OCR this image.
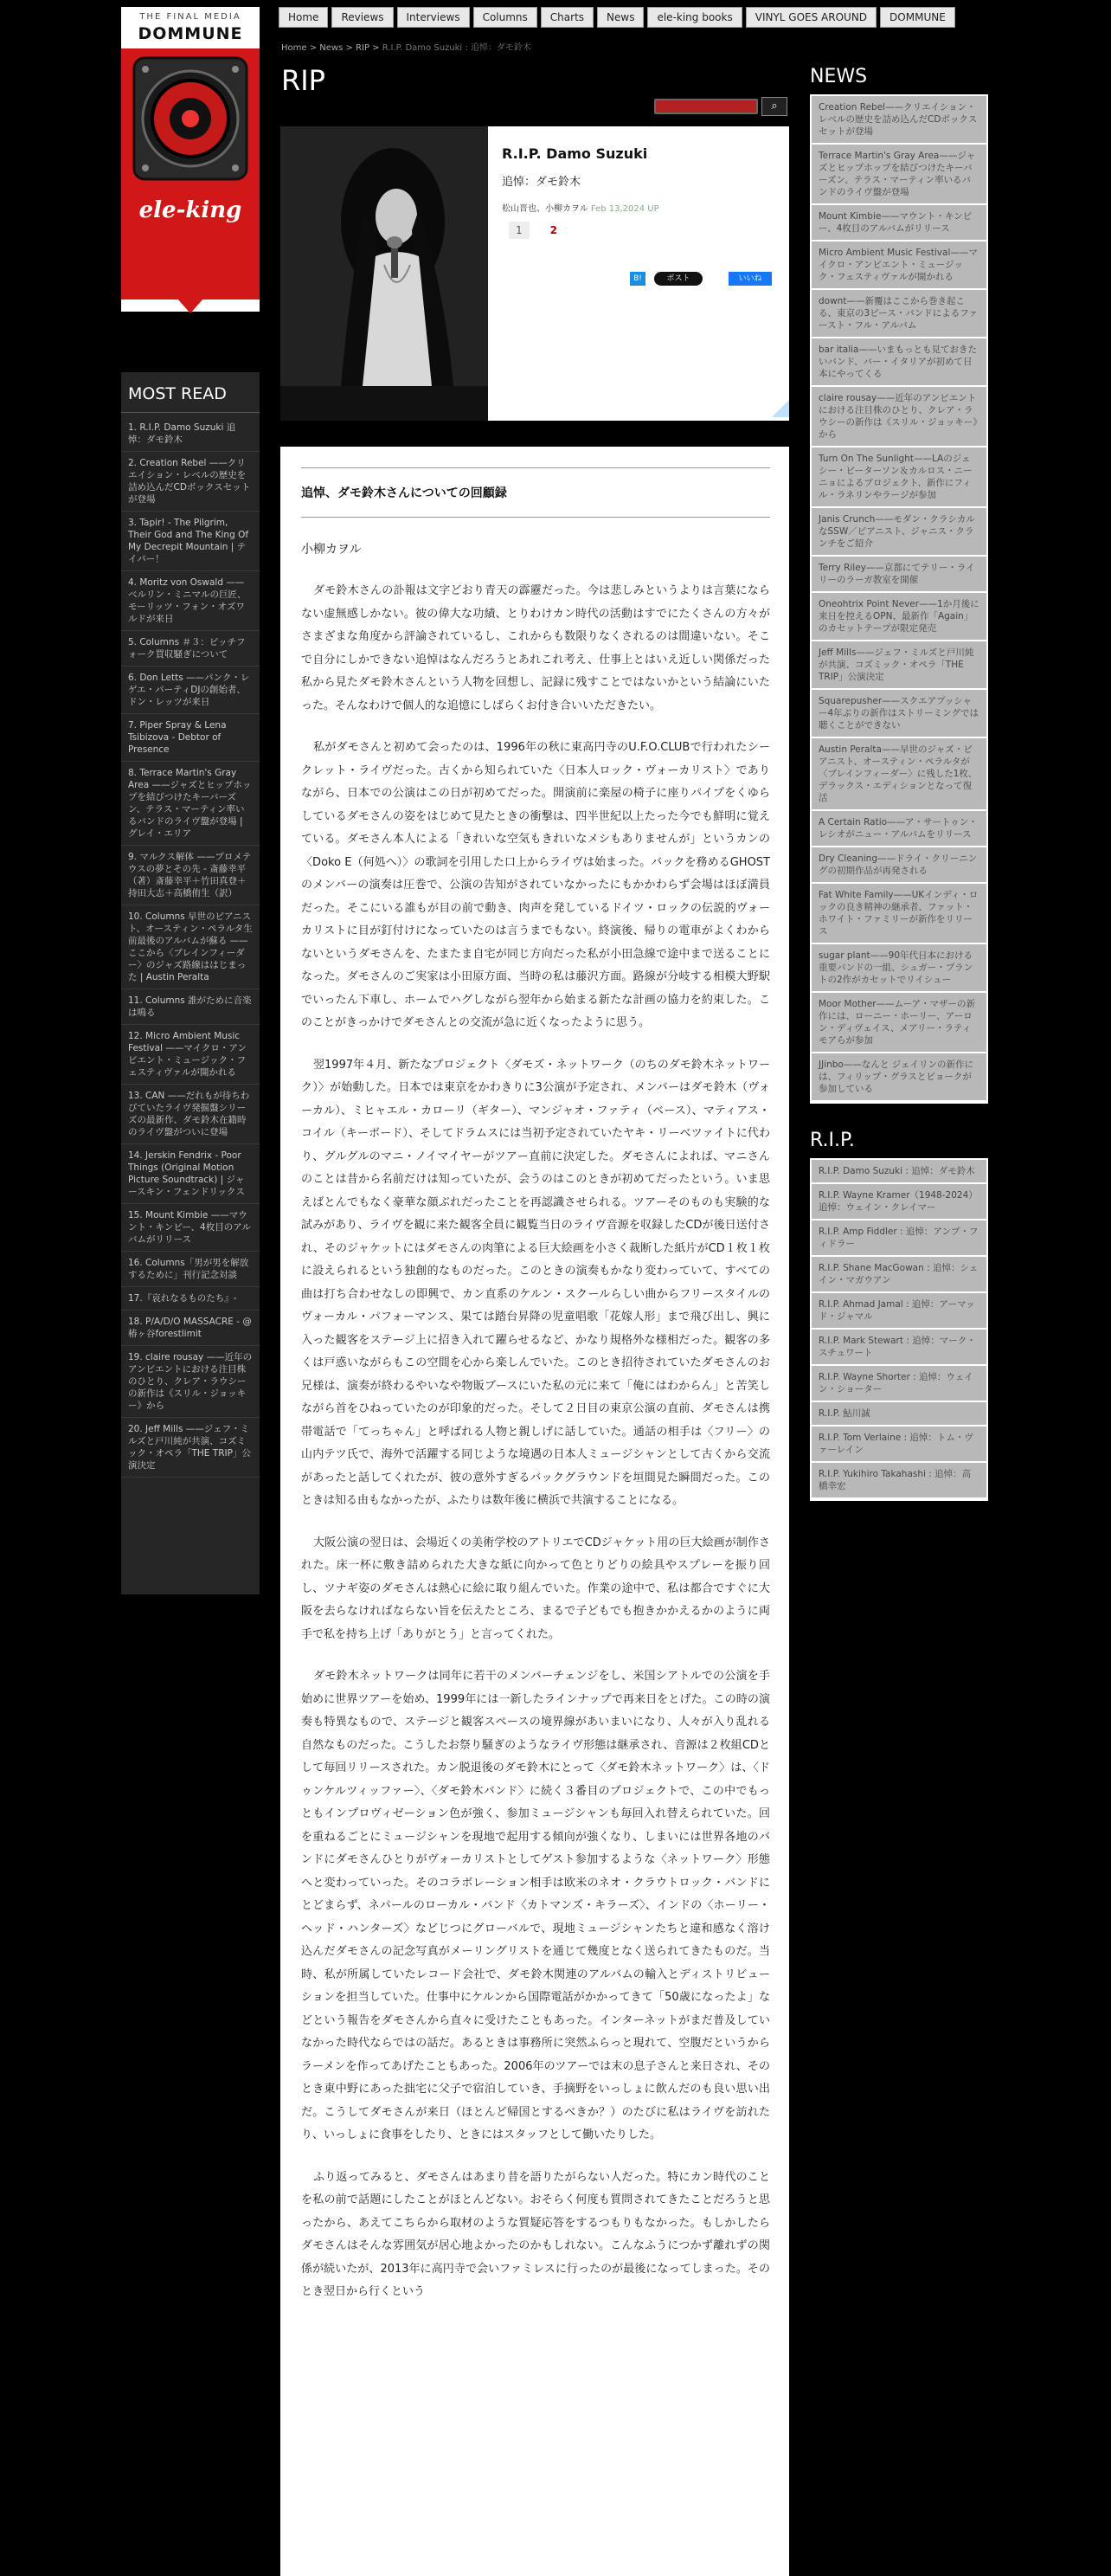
THE FINAL MEDIA
DOMMUNE
ele-king
MOST READ
1. R.I.P. Damo Suzuki 追悼：ダモ鈴木
2. Creation Rebel ——クリエイション・レベルの歴史を詰め込んだCDボックスセットが登場
3. Tapir! - The Pilgrim, Their God and The King Of My Decrepit Mountain | テイパー！
4. Moritz von Oswald ——ベルリン・ミニマルの巨匠、モーリッツ・フォン・オズワルドが来日
5. Columns ＃３：ピッチフォーク買収騒ぎについて
6. Don Letts ——パンク・レゲエ・パーティDJの創始者、ドン・レッツが来日
7. Piper Spray & Lena Tsibizova - Debtor of Presence
8. Terrace Martin's Gray Area ——ジャズとヒップホップを結びつけたキーバーズン、テラス・マーティン率いるバンドのライヴ盤が登場 | グレイ・エリア
9. マルクス解体 ——プロメテウスの夢とその先 - 斎藤幸平（著）斎藤幸平＋竹田真登＋持田大志＋高橋侑生（訳）
10. Columns 早世のピアニスト、オースティン・ペラルタ生前最後のアルバムが蘇る ——ここから〈ブレインフィーダー〉のジャズ路線ははじまった | Austin Peralta
11. Columns 誰がために音楽は鳴る
12. Micro Ambient Music Festival ——マイクロ・アンビエント・ミュージック・フェスティヴァルが開かれる
13. CAN ——だれもが待ちわびていたライヴ発掘盤シリーズの最新作、ダモ鈴木在籍時のライヴ盤がついに登場
14. Jerskin Fendrix - Poor Things (Original Motion Picture Soundtrack) | ジャースキン・フェンドリックス
15. Mount Kimbie ——マウント・キンビー、4枚目のアルバムがリリース
16. Columns「男が男を解放するために」刊行記念対談
17.『哀れなるものたち』-
18. P/A/D/O MASSACRE - @椿ヶ谷forestlimit
19. claire rousay ——近年のアンビエントにおける注目株のひとり、クレア・ラウシーの新作は《スリル・ジョッキー》から
20. Jeff Mills ——ジェフ・ミルズと戸川純が共演、コズミック・オペラ「THE TRIP」公演決定
Home	Reviews	Interviews	Columns	Charts	News	ele-king books	VINYL GOES AROUND	DOMMUNE
Home > News > RIP > R.I.P. Damo Suzuki : 追悼：ダモ鈴木
RIP
⌕
R.I.P. Damo Suzuki
追悼：ダモ鈴木
松山晋也、小柳カヲル Feb 13,2024 UP
1	2
B!	ポスト	いいね
追悼、ダモ鈴木さんについての回顧録
小柳カヲル

ダモ鈴木さんの訃報は文字どおり青天の霹靂だった。今は悲しみというよりは言葉にならない虚無感しかない。彼の偉大な功績、とりわけカン時代の活動はすでにたくさんの方々がさまざまな角度から評論されているし、これからも数限りなくされるのは間違いない。そこで自分にしかできない追悼はなんだろうとあれこれ考え、仕事上とはいえ近しい関係だった私から見たダモ鈴木さんという人物を回想し、記録に残すことではないかという結論にいたった。そんなわけで個人的な追憶にしばらくお付き合いいただきたい。

私がダモさんと初めて会ったのは、1996年の秋に東高円寺のU.F.O.CLUBで行われたシークレット・ライヴだった。古くから知られていた〈日本人ロック・ヴォーカリスト〉でありながら、日本での公演はこの日が初めてだった。開演前に楽屋の椅子に座りパイプをくゆらしているダモさんの姿をはじめて見たときの衝撃は、四半世紀以上たった今でも鮮明に覚えている。ダモさん本人による「きれいな空気もきれいなメシもありませんが」というカンの〈Doko E（何処へ）〉の歌詞を引用した口上からライヴは始まった。バックを務めるGHOSTのメンバーの演奏は圧巻で、公演の告知がされていなかったにもかかわらず会場はほぼ満員だった。そこにいる誰もが目の前で動き、肉声を発しているドイツ・ロックの伝説的ヴォーカリストに目が釘付けになっていたのは言うまでもない。終演後、帰りの電車がよくわからないというダモさんを、たまたま自宅が同じ方向だった私が小田急線で途中まで送ることになった。ダモさんのご実家は小田原方面、当時の私は藤沢方面。路線が分岐する相模大野駅でいったん下車し、ホームでハグしながら翌年から始まる新たな計画の協力を約束した。このことがきっかけでダモさんとの交流が急に近くなったように思う。

翌1997年４月、新たなプロジェクト〈ダモズ・ネットワーク（のちのダモ鈴木ネットワーク）〉が始動した。日本では東京をかわきりに3公演が予定され、メンバーはダモ鈴木（ヴォーカル）、ミヒャエル・カローリ（ギター）、マンジャオ・ファティ（ベース）、マティアス・コイル（キーボード）、そしてドラムスには当初予定されていたヤキ・リーベツァイトに代わり、グルグルのマニ・ノイマイヤーがツアー直前に決定した。ダモさんによれば、マニさんのことは昔から名前だけは知っていたが、会うのはこのときが初めてだったという。いま思えばとんでもなく豪華な顔ぶれだったことを再認識させられる。ツアーそのものも実験的な試みがあり、ライヴを観に来た観客全員に観覧当日のライヴ音源を収録したCDが後日送付され、そのジャケットにはダモさんの肉筆による巨大絵画を小さく裁断した紙片がCD１枚１枚に設えられるという独創的なものだった。このときの演奏もかなり変わっていて、すべての曲は打ち合わせなしの即興で、カン直系のケルン・スクールらしい曲からフリースタイルのヴォーカル・パフォーマンス、果ては踏台昇降の児童唱歌「花嫁人形」まで飛び出し、興に入った観客をステージ上に招き入れて躍らせるなど、かなり規格外な様相だった。観客の多くは戸惑いながらもこの空間を心から楽しんでいた。このとき招待されていたダモさんのお兄様は、演奏が終わるやいなや物販ブースにいた私の元に来て「俺にはわからん」と苦笑しながら首をひねっていたのが印象的だった。そして２日目の東京公演の直前、ダモさんは携帯電話で「てっちゃん」と呼ばれる人物と親しげに話していた。通話の相手は〈フリー〉の山内テツ氏で、海外で活躍する同じような境遇の日本人ミュージシャンとして古くから交流があったと話してくれたが、彼の意外すぎるバックグラウンドを垣間見た瞬間だった。このときは知る由もなかったが、ふたりは数年後に横浜で共演することになる。

大阪公演の翌日は、会場近くの美術学校のアトリエでCDジャケット用の巨大絵画が制作された。床一杯に敷き詰められた大きな紙に向かって色とりどりの絵具やスプレーを振り回し、ツナギ姿のダモさんは熱心に絵に取り組んでいた。作業の途中で、私は都合ですぐに大阪を去らなければならない旨を伝えたところ、まるで子どもでも抱きかかえるかのように両手で私を持ち上げ「ありがとう」と言ってくれた。

ダモ鈴木ネットワークは同年に若干のメンバーチェンジをし、米国シアトルでの公演を手始めに世界ツアーを始め、1999年には一新したラインナップで再来日をとげた。この時の演奏も特異なもので、ステージと観客スペースの境界線があいまいになり、人々が入り乱れる自然なものだった。こうしたお祭り騒ぎのようなライヴ形態は継承され、音源は２枚組CDとして毎回リリースされた。カン脱退後のダモ鈴木にとって〈ダモ鈴木ネットワーク〉は、〈ドゥンケルツィッファー〉、〈ダモ鈴木バンド〉に続く３番目のプロジェクトで、この中でもっともインプロヴィゼーション色が強く、参加ミュージシャンも毎回入れ替えられていた。回を重ねるごとにミュージシャンを現地で起用する傾向が強くなり、しまいには世界各地のバンドにダモさんひとりがヴォーカリストとしてゲスト参加するような〈ネットワーク〉形態へと変わっていった。そのコラボレーション相手は欧米のネオ・クラウトロック・バンドにとどまらず、ネパールのローカル・バンド〈カトマンズ・キラーズ〉、インドの〈ホーリー・ヘッド・ハンターズ〉などじつにグローバルで、現地ミュージシャンたちと違和感なく溶け込んだダモさんの記念写真がメーリングリストを通じて幾度となく送られてきたものだ。当時、私が所属していたレコード会社で、ダモ鈴木関連のアルバムの輸入とディストリビューションを担当していた。仕事中にケルンから国際電話がかかってきて「50歳になったよ」などという報告をダモさんから直々に受けたこともあった。インターネットがまだ普及していなかった時代ならではの話だ。あるときは事務所に突然ふらっと現れて、空腹だというからラーメンを作ってあげたこともあった。2006年のツアーでは末の息子さんと来日され、そのとき東中野にあった拙宅に父子で宿泊していき、手摘野をいっしょに飲んだのも良い思い出だ。こうしてダモさんが来日（ほとんど帰国とするべきか？）のたびに私はライヴを訪れたり、いっしょに食事をしたり、ときにはスタッフとして働いたりした。

ふり返ってみると、ダモさんはあまり昔を語りたがらない人だった。特にカン時代のことを私の前で話題にしたことがほとんどない。おそらく何度も質問されてきたことだろうと思ったから、あえてこちらから取材のような質疑応答をするつもりもなかった。もしかしたらダモさんはそんな雰囲気が居心地よかったのかもしれない。こんなふうにつかず離れずの関係が続いたが、2013年に高円寺で会いファミレスに行ったのが最後になってしまった。そのとき翌日から行くという

NEWS
Creation Rebel——クリエイション・レベルの歴史を詰め込んだCDボックスセットが登場
Terrace Martin's Gray Area——ジャズとヒップホップを結びつけたキーバーズン、テラス・マーティン率いるバンドのライヴ盤が登場
Mount Kimbie——マウント・キンビー、4枚目のアルバムがリリース
Micro Ambient Music Festival——マイクロ・アンビエント・ミュージック・フェスティヴァルが開かれる
downt——新覆はここから巻き起こる、東京の3ピース・バンドによるファースト・フル・アルバム
bar italia——いまもっとも見ておきたいバンド、バー・イタリアが初めて日本にやってくる
claire rousay——近年のアンビエントにおける注目株のひとり、クレア・ラウシーの新作は《スリル・ジョッキー》から
Turn On The Sunlight——LAのジェシー・ピーターソン＆カルロス・ニーニョによるプロジェクト、新作にフィル・ラネリンやラージが参加
Janis Crunch——モダン・クラシカルなSSW／ピアニスト、ジャニス・クランチをご紹介
Terry Riley——京都にてテリー・ライリーのラーガ教室を開催
Oneohtrix Point Never——1か月後に来日を控えるOPN、最新作「Again」のカセットテープが限定発売
Jeff Mills——ジェフ・ミルズと戸川純が共演、コズミック・オペラ「THE TRIP」公演決定
Squarepusher——スクエアプッシャー4年ぶりの新作はストリーミングでは聴くことができない
Austin Peralta——早世のジャズ・ピアニスト、オースティン・ペラルタが〈ブレインフィーダー〉に残した1枚、デラックス・エディションとなって復活
A Certain Ratio——ア・サートゥン・レシオがニュー・アルバムをリリース
Dry Cleaning——ドライ・クリーニングの初期作品が再発される
Fat White Family——UKインディ・ロックの良き精神の継承者、ファット・ホワイト・ファミリーが新作をリリース
sugar plant——90年代日本における重要バンドの一組、シュガー・プラントの2作がカセットでリイシュー
Moor Mother——ムーア・マザーの新作には、ローニー・ホーリー、アーロン・ディヴェイス、メアリー・ラティモアらが参加
JJinbo——なんと ジェイリンの新作には、フィリップ・グラスとビョークが参加している
R.I.P.
R.I.P. Damo Suzuki : 追悼：ダモ鈴木
R.I.P. Wayne Kramer（1948-2024）追悼：ウェイン・クレイマー
R.I.P. Amp Fiddler : 追悼：アンプ・フィドラー
R.I.P. Shane MacGowan : 追悼：シェイン・マガウアン
R.I.P. Ahmad Jamal : 追悼：アーマッド・ジャマル
R.I.P. Mark Stewart : 追悼：マーク・スチュワート
R.I.P. Wayne Shorter : 追悼：ウェイン・ショーター
R.I.P. 鮎川誠
R.I.P. Tom Verlaine : 追悼：トム・ヴァーレイン
R.I.P. Yukihiro Takahashi : 追悼：高橋幸宏
